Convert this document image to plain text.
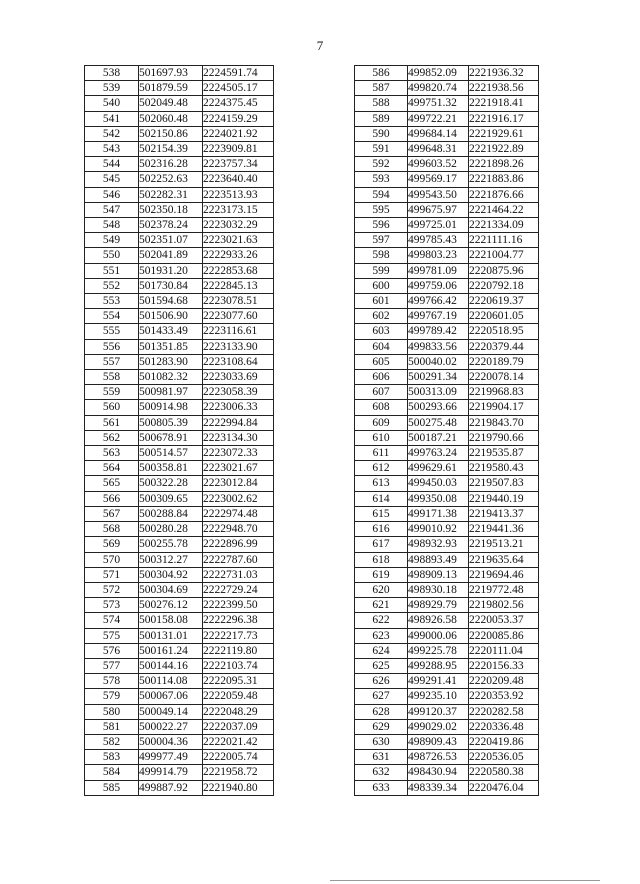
7
538	501697.93	2224591.74
539	501879.59	2224505.17
540	502049.48	2224375.45
541	502060.48	2224159.29
542	502150.86	2224021.92
543	502154.39	2223909.81
544	502316.28	2223757.34
545	502252.63	2223640.40
546	502282.31	2223513.93
547	502350.18	2223173.15
548	502378.24	2223032.29
549	502351.07	2223021.63
550	502041.89	2222933.26
551	501931.20	2222853.68
552	501730.84	2222845.13
553	501594.68	2223078.51
554	501506.90	2223077.60
555	501433.49	2223116.61
556	501351.85	2223133.90
557	501283.90	2223108.64
558	501082.32	2223033.69
559	500981.97	2223058.39
560	500914.98	2223006.33
561	500805.39	2222994.84
562	500678.91	2223134.30
563	500514.57	2223072.33
564	500358.81	2223021.67
565	500322.28	2223012.84
566	500309.65	2223002.62
567	500288.84	2222974.48
568	500280.28	2222948.70
569	500255.78	2222896.99
570	500312.27	2222787.60
571	500304.92	2222731.03
572	500304.69	2222729.24
573	500276.12	2222399.50
574	500158.08	2222296.38
575	500131.01	2222217.73
576	500161.24	2222119.80
577	500144.16	2222103.74
578	500114.08	2222095.31
579	500067.06	2222059.48
580	500049.14	2222048.29
581	500022.27	2222037.09
582	500004.36	2222021.42
583	499977.49	2222005.74
584	499914.79	2221958.72
585	499887.92	2221940.80
586	499852.09	2221936.32
587	499820.74	2221938.56
588	499751.32	2221918.41
589	499722.21	2221916.17
590	499684.14	2221929.61
591	499648.31	2221922.89
592	499603.52	2221898.26
593	499569.17	2221883.86
594	499543.50	2221876.66
595	499675.97	2221464.22
596	499725.01	2221334.09
597	499785.43	2221111.16
598	499803.23	2221004.77
599	499781.09	2220875.96
600	499759.06	2220792.18
601	499766.42	2220619.37
602	499767.19	2220601.05
603	499789.42	2220518.95
604	499833.56	2220379.44
605	500040.02	2220189.79
606	500291.34	2220078.14
607	500313.09	2219968.83
608	500293.66	2219904.17
609	500275.48	2219843.70
610	500187.21	2219790.66
611	499763.24	2219535.87
612	499629.61	2219580.43
613	499450.03	2219507.83
614	499350.08	2219440.19
615	499171.38	2219413.37
616	499010.92	2219441.36
617	498932.93	2219513.21
618	498893.49	2219635.64
619	498909.13	2219694.46
620	498930.18	2219772.48
621	498929.79	2219802.56
622	498926.58	2220053.37
623	499000.06	2220085.86
624	499225.78	2220111.04
625	499288.95	2220156.33
626	499291.41	2220209.48
627	499235.10	2220353.92
628	499120.37	2220282.58
629	499029.02	2220336.48
630	498909.43	2220419.86
631	498726.53	2220536.05
632	498430.94	2220580.38
633	498339.34	2220476.04
